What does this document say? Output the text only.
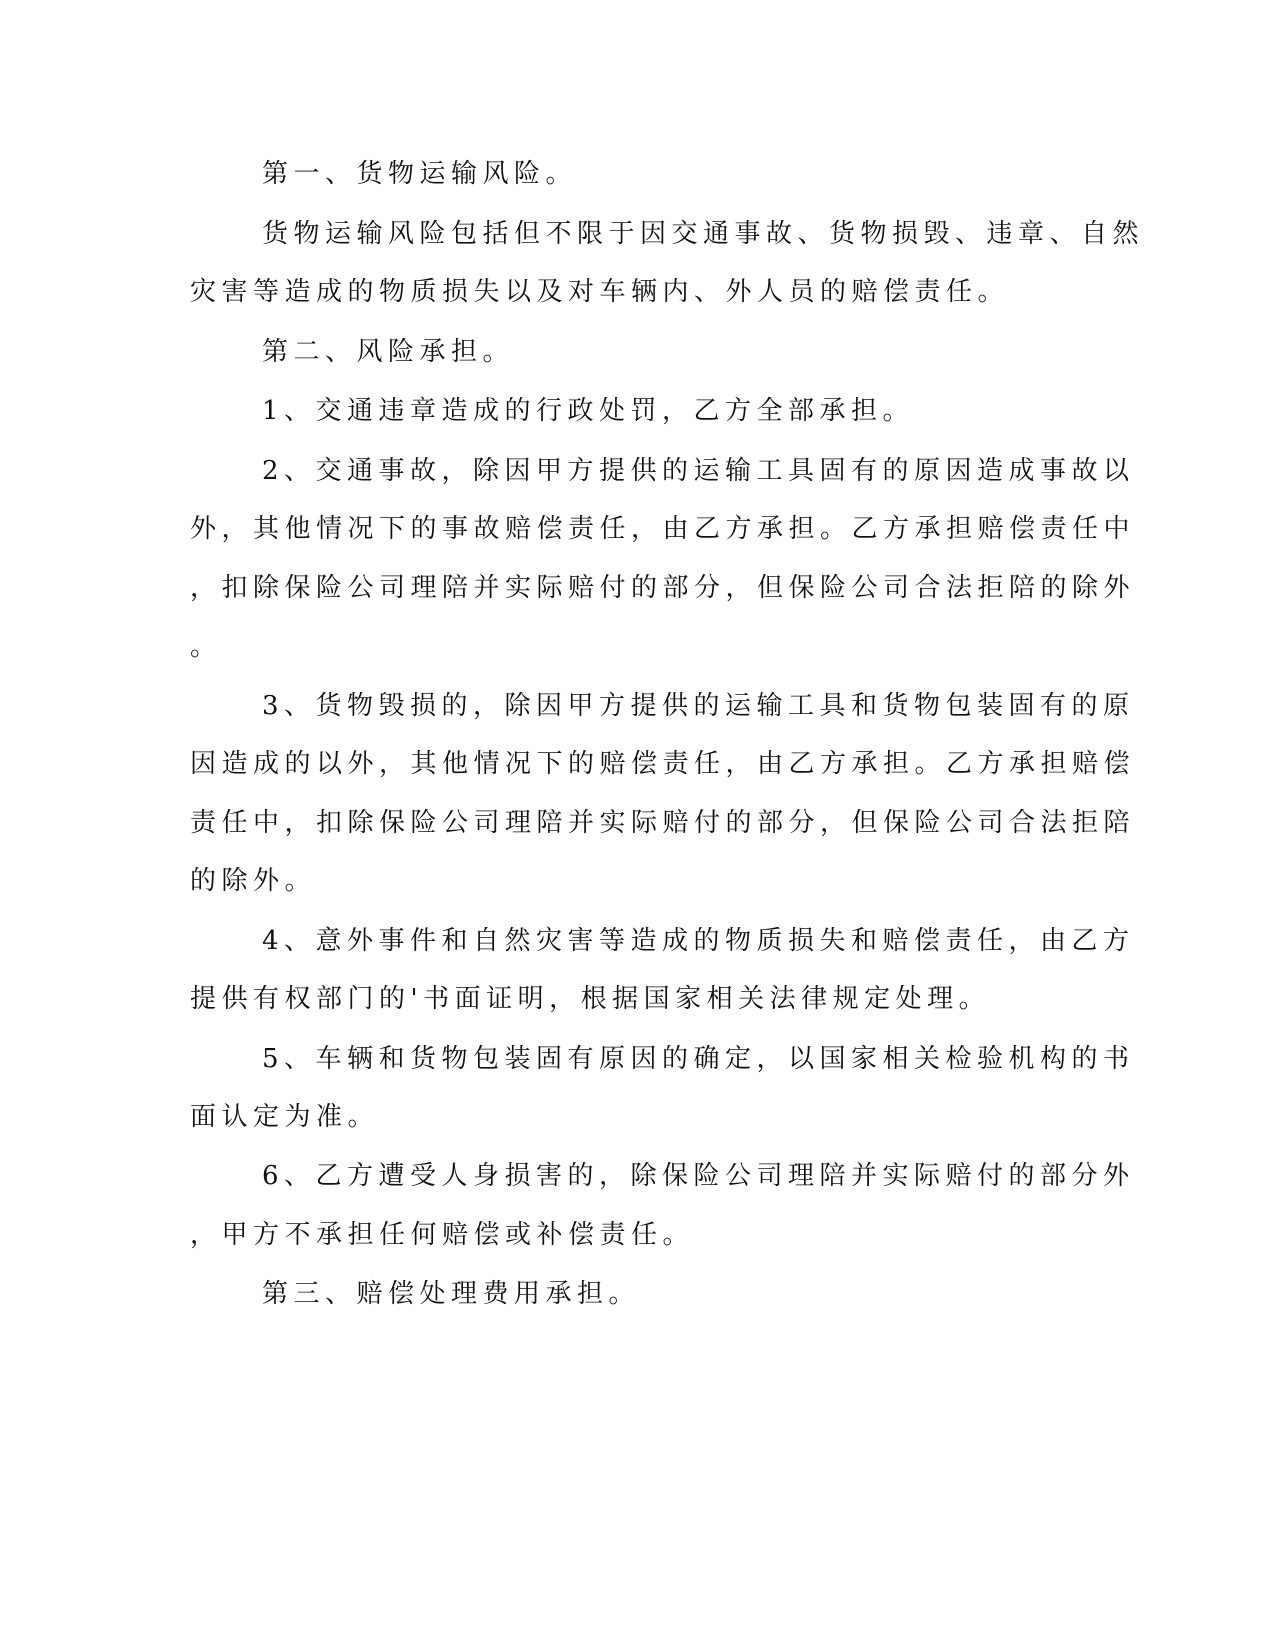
第一、货物运输风险。
货物运输风险包括但不限于因交通事故、货物损毁、违章、自然
灾害等造成的物质损失以及对车辆内、外人员的赔偿责任。
第二、风险承担。
1、交通违章造成的行政处罚，乙方全部承担。
2、交通事故，除因甲方提供的运输工具固有的原因造成事故以
外，其他情况下的事故赔偿责任，由乙方承担。乙方承担赔偿责任中
，扣除保险公司理陪并实际赔付的部分，但保险公司合法拒陪的除外
。
3、货物毁损的，除因甲方提供的运输工具和货物包装固有的原
因造成的以外，其他情况下的赔偿责任，由乙方承担。乙方承担赔偿
责任中，扣除保险公司理陪并实际赔付的部分，但保险公司合法拒陪
的除外。
4、意外事件和自然灾害等造成的物质损失和赔偿责任，由乙方
提供有权部门的'书面证明，根据国家相关法律规定处理。
5、车辆和货物包装固有原因的确定，以国家相关检验机构的书
面认定为准。
6、乙方遭受人身损害的，除保险公司理陪并实际赔付的部分外
，甲方不承担任何赔偿或补偿责任。
第三、赔偿处理费用承担。
